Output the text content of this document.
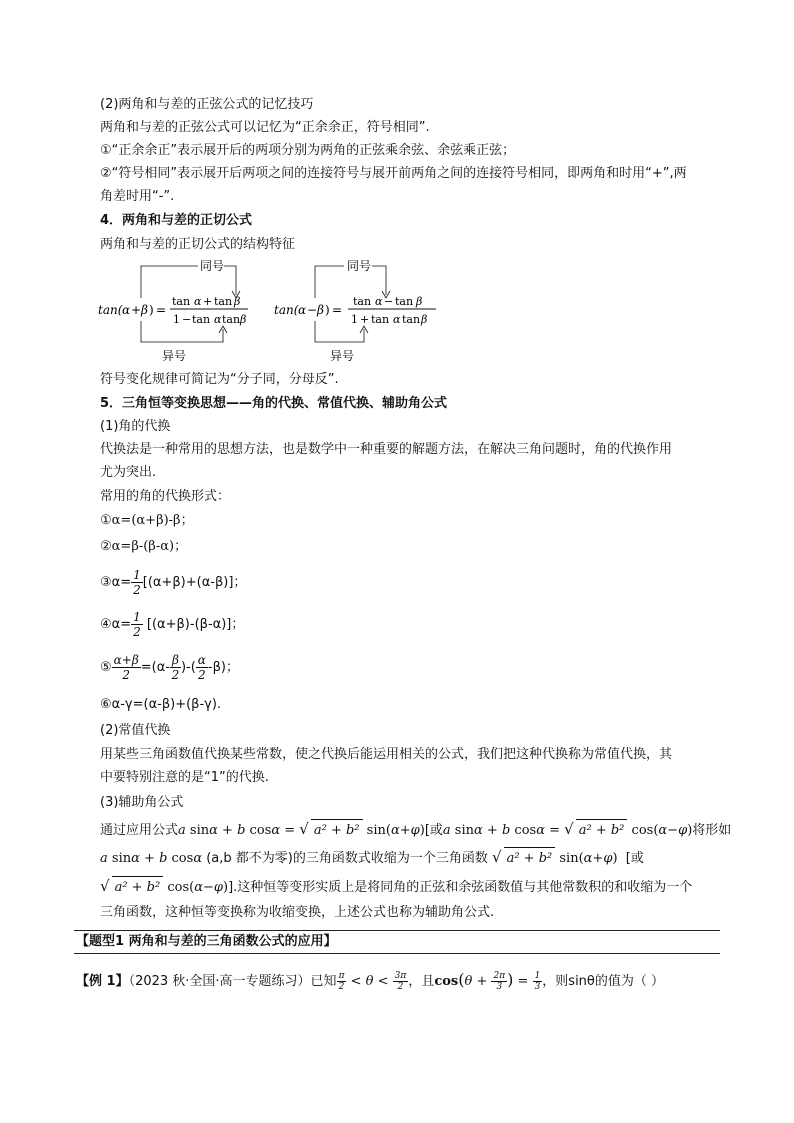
(2)两角和与差的正弦公式的记忆技巧
两角和与差的正弦公式可以记忆为“正余余正，符号相同”.
①“正余余正”表示展开后的两项分别为两角的正弦乘余弦、余弦乘正弦；
②“符号相同”表示展开后两项之间的连接符号与展开前两角之间的连接符号相同，即两角和时用“+”,两
角差时用“-”.
4．两角和与差的正切公式
两角和与差的正切公式的结构特征
tan( α + β ) =
tan α + tan β
1 − tan α tan β
同号
异号
tan( α − β ) =
tan α − tan β
1 + tan α tan β
同号
异号
符号变化规律可简记为“分子同，分母反”.
5．三角恒等变换思想——角的代换、常值代换、辅助角公式
(1)角的代换
代换法是一种常用的思想方法，也是数学中一种重要的解题方法，在解决三角问题时，角的代换作用
尤为突出.
常用的角的代换形式：
①α=(α+β)-β；
②α=β-(β-α)；
③α= $\frac{1}{2} [(\alpha+\beta)+(\alpha-\beta)]$；
④α= $\frac{1}{2} [(\alpha+\beta)-(\beta-\alpha)]$；
⑤ $\frac{\alpha+\beta}{2} =(\alpha- \frac{\beta}{2}$ )-( $\frac{\alpha}{2} -\beta$)；
⑥α-γ=(α-β)+(β-γ).
(2)常值代换
用某些三角函数值代换某些常数，使之代换后能运用相关的公式，我们把这种代换称为常值代换，其
中要特别注意的是“1”的代换.
(3)辅助角公式
通过应用公式a sinα + b cosα = √ a² + b² sin(α+φ)[或a sinα + b cosα = √ a² + b² cos(α−φ)将形如
a sinα + b cosα (a,b 都不为零)的三角函数式收缩为一个三角函数 √ a² + b² sin(α+φ) [或
√ a² + b² cos(α−φ)].这种恒等变形实质上是将同角的正弦和余弦函数值与其他常数积的和收缩为一个
三角函数，这种恒等变换称为收缩变换，上述公式也称为辅助角公式.
【题型1 两角和与差的三角函数公式的应用】
【例 1】（2023 秋·全国·高一专题练习）已知 $\frac{\pi}{2} < \theta < \frac{3\pi}{2}$ ，且$\cos(\theta + \frac{2\pi}{3}$ ) = $\frac{1}{3}$ ，则sinθ的值为（ ）
